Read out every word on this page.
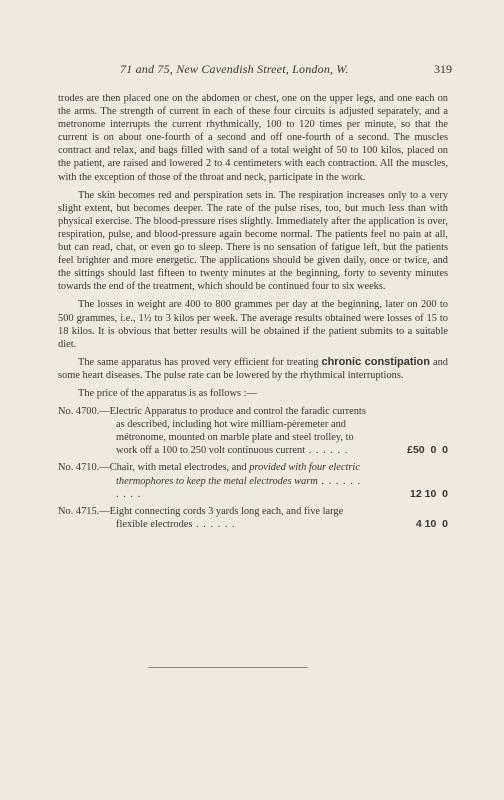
71 and 75, New Cavendish Street, London, W.	319

trodes are then placed one on the abdomen or chest, one on the upper legs, and one each on the arms. The strength of current in each of these four circuits is adjusted separately, and a metronome interrupts the current rhythmically, 100 to 120 times per minute, so that the current is on about one-fourth of a second and off one-fourth of a second. The muscles contract and relax, and bags filled with sand of a total weight of 50 to 100 kilos, placed on the patient, are raised and lowered 2 to 4 centimeters with each contraction. All the muscles, with the exception of those of the throat and neck, participate in the work.

The skin becomes red and perspiration sets in. The respiration increases only to a very slight extent, but becomes deeper. The rate of the pulse rises, too, but much less than with physical exercise. The blood-pressure rises slightly. Immediately after the application is over, respiration, pulse, and blood-pressure again become normal. The patients feel no pain at all, but can read, chat, or even go to sleep. There is no sensation of fatigue left, but the patients feel brighter and more energetic. The applications should be given daily, once or twice, and the sittings should last fifteen to twenty minutes at the beginning, forty to seventy minutes towards the end of the treatment, which should be continued four to six weeks.

The losses in weight are 400 to 800 grammes per day at the beginning, later on 200 to 500 grammes, i.e., 1½ to 3 kilos per week. The average results obtained were losses of 15 to 18 kilos. It is obvious that better results will be obtained if the patient submits to a suitable diet.

The same apparatus has proved very efficient for treating chronic constipation and some heart diseases. The pulse rate can be lowered by the rhythmical interruptions.

The price of the apparatus is as follows :—

No. 4700.—Electric Apparatus to produce and control the faradic currents as described, including hot wire milliam-pèremeter and métronome, mounted on marble plate and steel trolley, to work off a 100 to 250 volt continuous current . . . . . .	£50  0  0
No. 4710.—Chair, with metal electrodes, and provided with four electric thermophores to keep the metal electrodes warm . . . . . . . . . .	12 10  0
No. 4715.—Eight connecting cords 3 yards long each, and five large flexible electrodes . . . . . .	4 10  0
